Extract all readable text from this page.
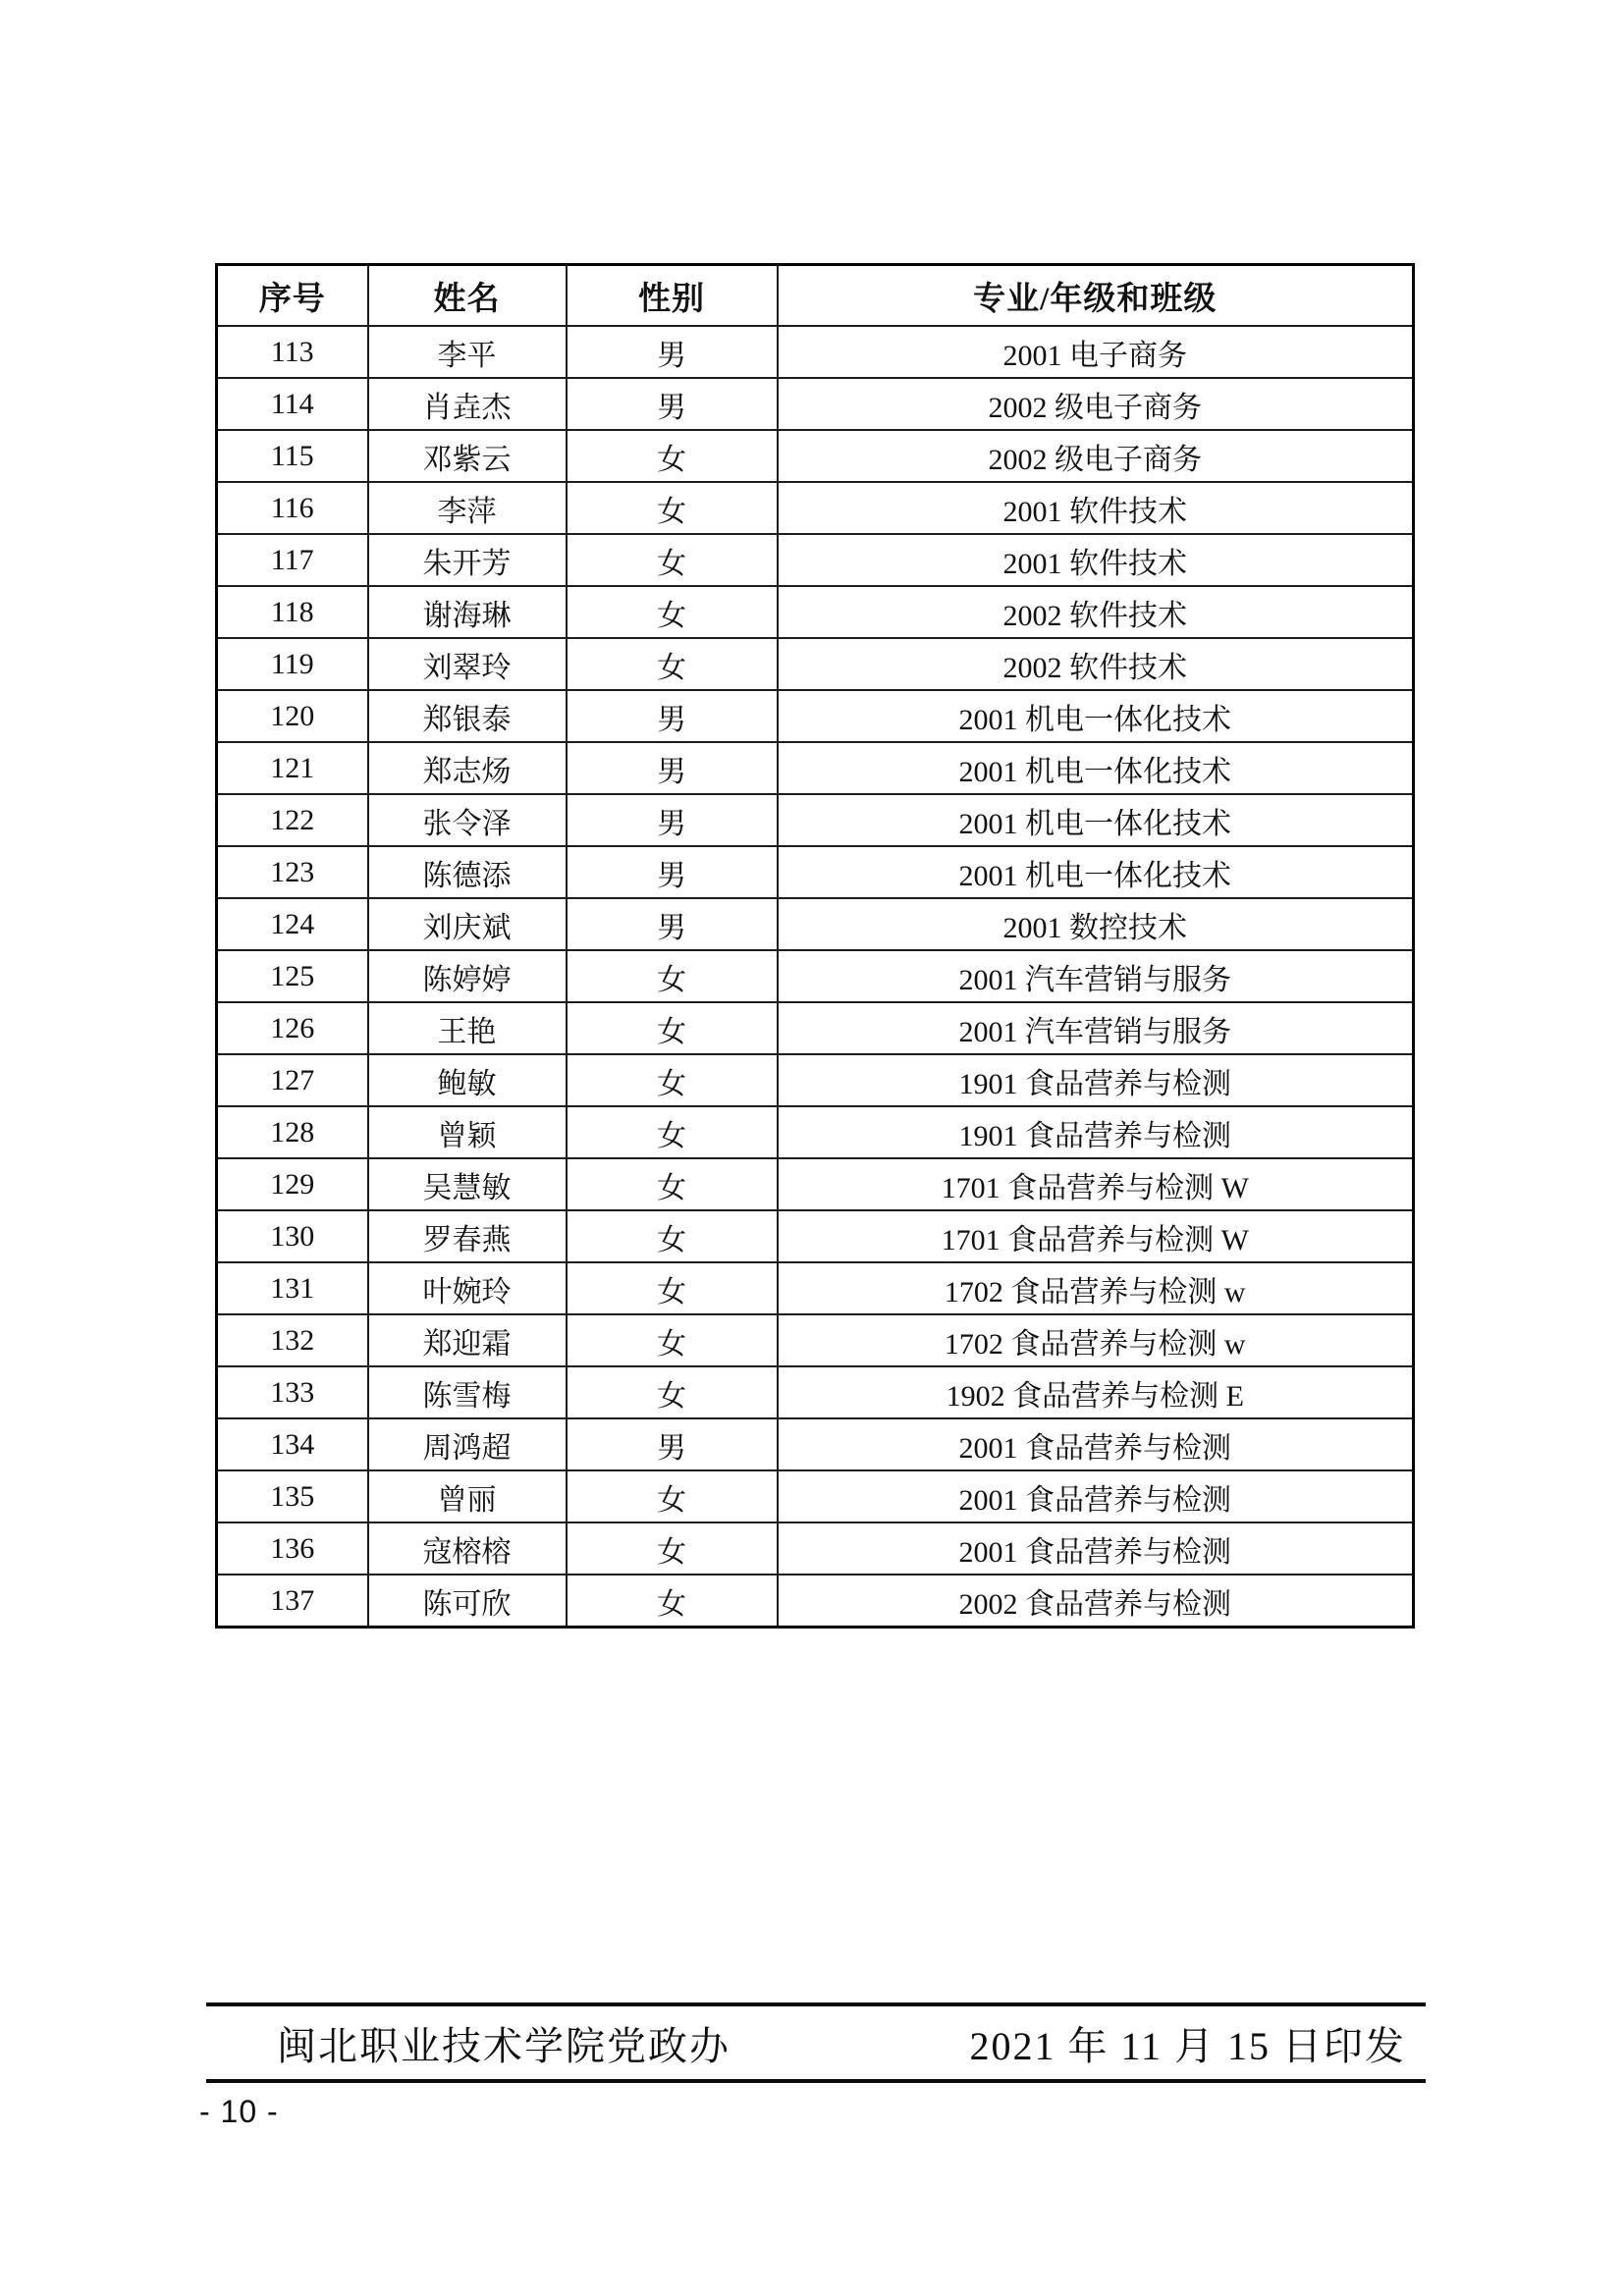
序号	姓名	性别	专业/年级和班级
113	李平	男	2001 电子商务
114	肖垚杰	男	2002 级电子商务
115	邓紫云	女	2002 级电子商务
116	李萍	女	2001 软件技术
117	朱开芳	女	2001 软件技术
118	谢海琳	女	2002 软件技术
119	刘翠玲	女	2002 软件技术
120	郑银泰	男	2001 机电一体化技术
121	郑志炀	男	2001 机电一体化技术
122	张令泽	男	2001 机电一体化技术
123	陈德添	男	2001 机电一体化技术
124	刘庆斌	男	2001 数控技术
125	陈婷婷	女	2001 汽车营销与服务
126	王艳	女	2001 汽车营销与服务
127	鲍敏	女	1901 食品营养与检测
128	曾颖	女	1901 食品营养与检测
129	吴慧敏	女	1701 食品营养与检测 W
130	罗春燕	女	1701 食品营养与检测 W
131	叶婉玲	女	1702 食品营养与检测 w
132	郑迎霜	女	1702 食品营养与检测 w
133	陈雪梅	女	1902 食品营养与检测 E
134	周鸿超	男	2001 食品营养与检测
135	曾丽	女	2001 食品营养与检测
136	寇榕榕	女	2001 食品营养与检测
137	陈可欣	女	2002 食品营养与检测
闽北职业技术学院党政办	2021 年 11 月 15 日印发
- 10 -
